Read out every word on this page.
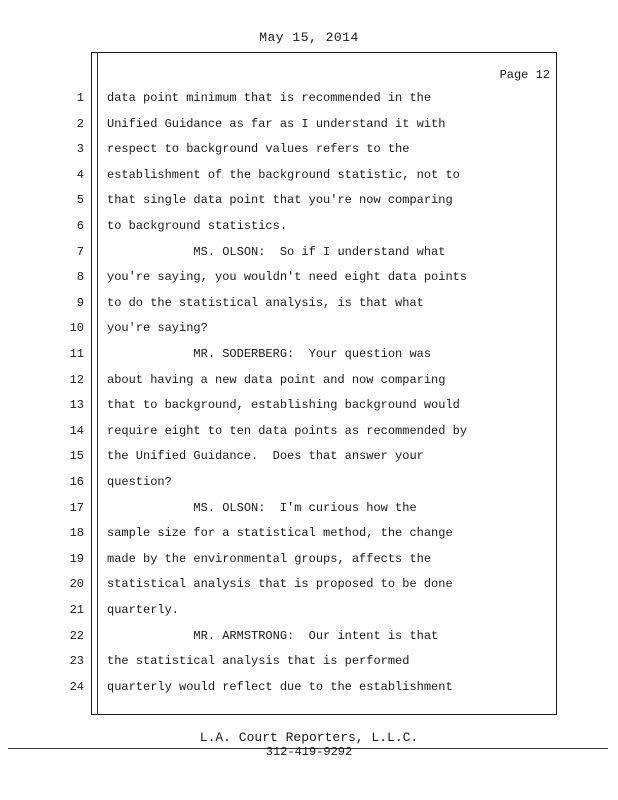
May 15, 2014
Page 12
1 data point minimum that is recommended in the
2 Unified Guidance as far as I understand it with
3 respect to background values refers to the
4 establishment of the background statistic, not to
5 that single data point that you're now comparing
6 to background statistics.
7 MS. OLSON:  So if I understand what
8 you're saying, you wouldn't need eight data points
9 to do the statistical analysis, is that what
10 you're saying?
11 MR. SODERBERG:  Your question was
12 about having a new data point and now comparing
13 that to background, establishing background would
14 require eight to ten data points as recommended by
15 the Unified Guidance.  Does that answer your
16 question?
17 MS. OLSON:  I'm curious how the
18 sample size for a statistical method, the change
19 made by the environmental groups, affects the
20 statistical analysis that is proposed to be done
21 quarterly.
22 MR. ARMSTRONG:  Our intent is that
23 the statistical analysis that is performed
24 quarterly would reflect due to the establishment
L.A. Court Reporters, L.L.C.
312-419-9292
